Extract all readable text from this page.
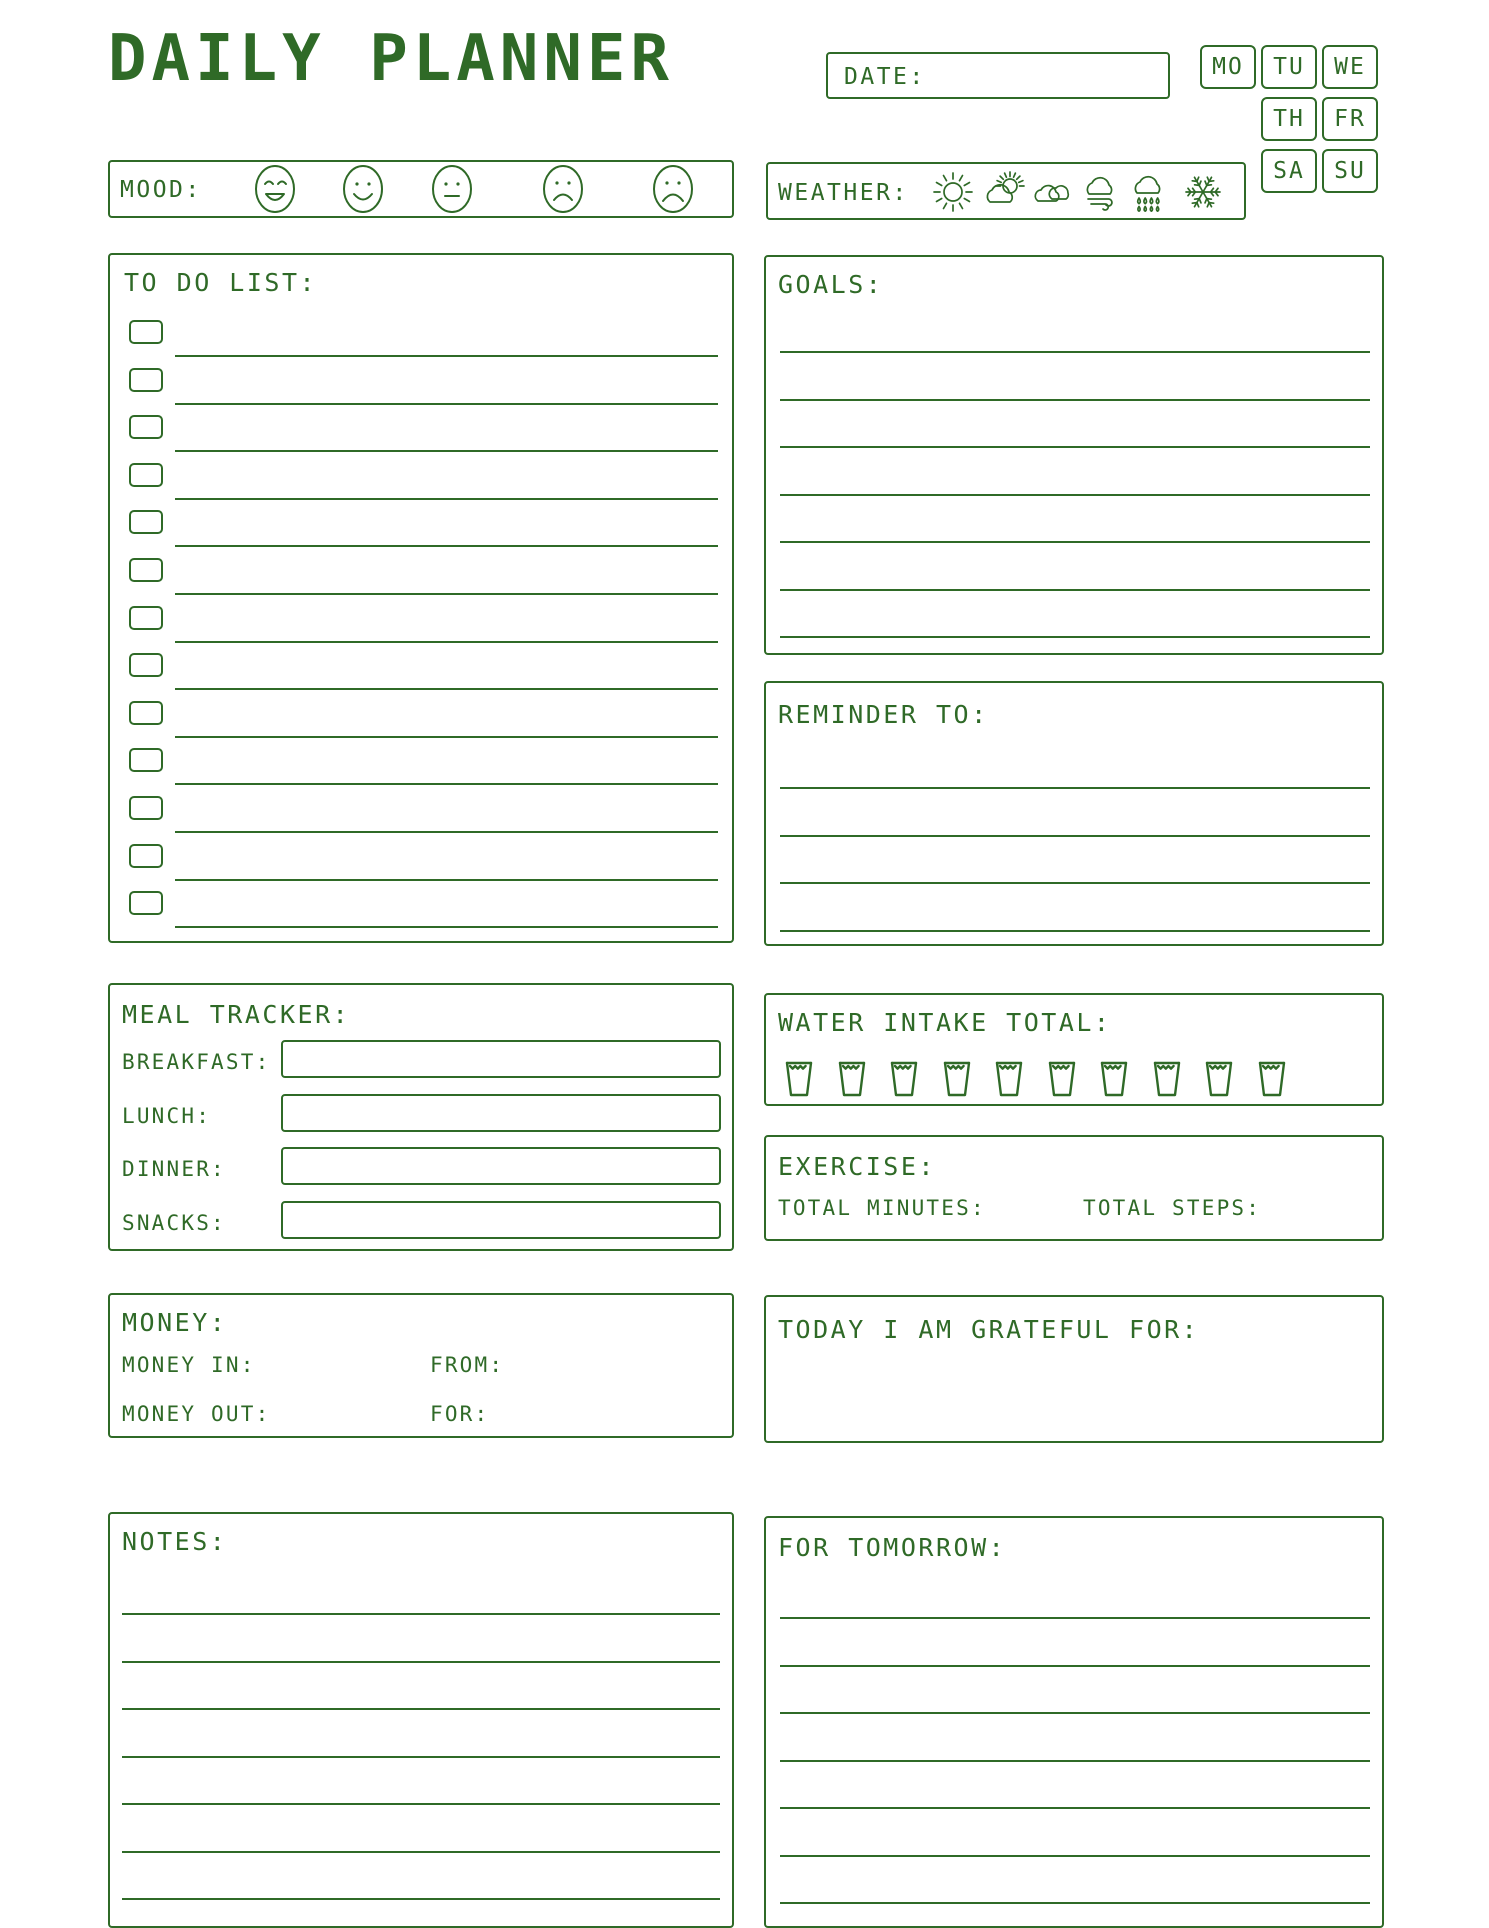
DAILY PLANNER	DATE:	MO TU WE
TH FR
SA SU
MOOD:	WEATHER:
TO DO LIST:	GOALS:
REMINDER TO:
MEAL TRACKER:
BREAKFAST:
LUNCH:
DINNER:
SNACKS:
WATER INTAKE TOTAL:
EXERCISE:
TOTAL MINUTES:	TOTAL STEPS:
MONEY:
MONEY IN:	FROM:
MONEY OUT:	FOR:
TODAY I AM GRATEFUL FOR:
NOTES:	FOR TOMORROW:
